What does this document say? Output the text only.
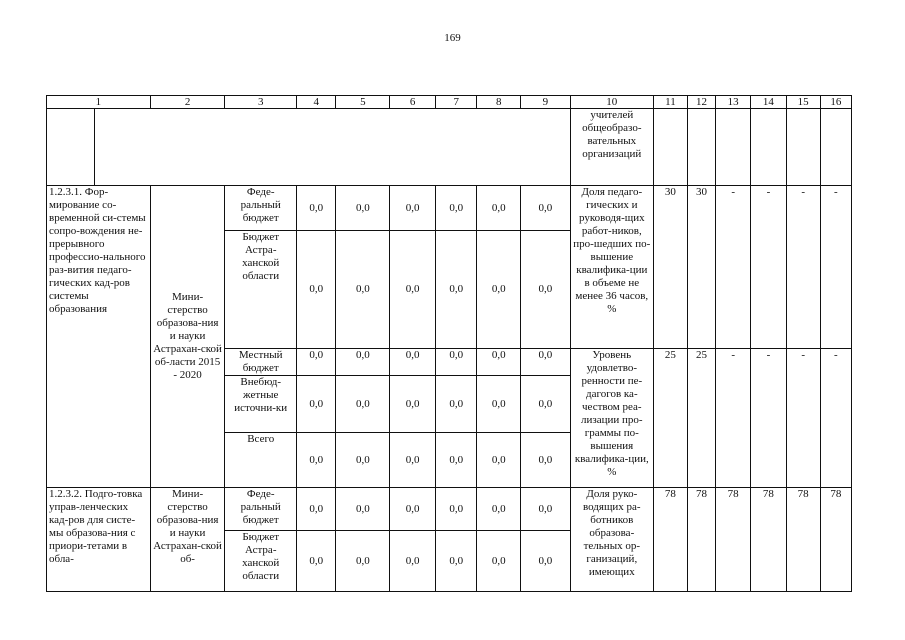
169
1		2	3	4	5	6	7	8	9	10	11	12	13	14	15	16
										учителей общеобразо-вательных организаций						
1.2.3.1. Фор-мирование со-временной си-стемы сопро-вождения не-прерывного профессио-нального раз-вития педаго-гических кад-ров системы образования		Мини-стерство образова-ния и науки Астрахан-ской об-ласти 2015 - 2020	Феде-ральный бюджет	0,0	0,0	0,0	0,0	0,0	0,0	Доля педаго-гических и руководя-щих работ-ников, про-шедших по-вышение квалифика-ции в объеме не менее 36 часов, %	30	30	-	-	-	-
			Бюджет Астра-ханской области	0,0	0,0	0,0	0,0	0,0	0,0							
			Местный бюджет	0,0	0,0	0,0	0,0	0,0	0,0	Уровень удовлетво-ренности пе-дагогов ка-чеством реа-лизации про-граммы по-вышения квалифика-ции, %	25	25	-	-	-	-
			Внебюд-жетные источни-ки	0,0	0,0	0,0	0,0	0,0	0,0							
			Всего	0,0	0,0	0,0	0,0	0,0	0,0							
1.2.3.2. Подго-товка управ-ленческих кад-ров для систе-мы образова-ния с приори-тетами в обла-		Мини-стерство образова-ния и науки Астрахан-ской об-	Феде-ральный бюджет	0,0	0,0	0,0	0,0	0,0	0,0	Доля руко-водящих ра-ботников образова-тельных ор-ганизаций, имеющих	78	78	78	78	78	78
			Бюджет Астра-ханской области	0,0	0,0	0,0	0,0	0,0	0,0							
